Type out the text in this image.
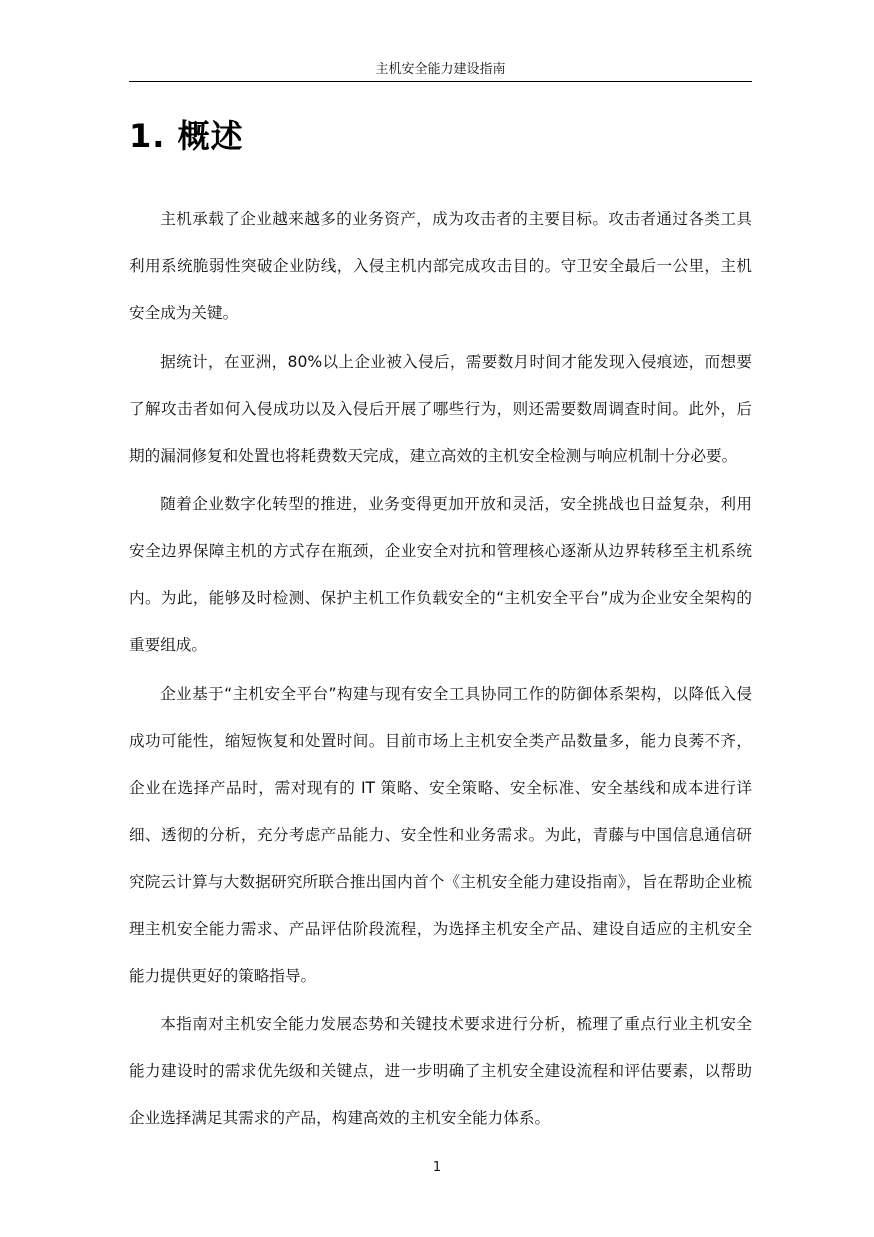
主机安全能力建设指南
1. 概述

主机承载了企业越来越多的业务资产，成为攻击者的主要目标。攻击者通过各类工具利用系统脆弱性突破企业防线，入侵主机内部完成攻击目的。守卫安全最后一公里，主机安全成为关键。

据统计，在亚洲，80%以上企业被入侵后，需要数月时间才能发现入侵痕迹，而想要了解攻击者如何入侵成功以及入侵后开展了哪些行为，则还需要数周调查时间。此外，后期的漏洞修复和处置也将耗费数天完成，建立高效的主机安全检测与响应机制十分必要。

随着企业数字化转型的推进，业务变得更加开放和灵活，安全挑战也日益复杂，利用安全边界保障主机的方式存在瓶颈，企业安全对抗和管理核心逐渐从边界转移至主机系统内。为此，能够及时检测、保护主机工作负载安全的“主机安全平台”成为企业安全架构的重要组成。

企业基于“主机安全平台”构建与现有安全工具协同工作的防御体系架构，以降低入侵成功可能性，缩短恢复和处置时间。目前市场上主机安全类产品数量多，能力良莠不齐，企业在选择产品时，需对现有的 IT 策略、安全策略、安全标准、安全基线和成本进行详细、透彻的分析，充分考虑产品能力、安全性和业务需求。为此，青藤与中国信息通信研究院云计算与大数据研究所联合推出国内首个《主机安全能力建设指南》，旨在帮助企业梳理主机安全能力需求、产品评估阶段流程，为选择主机安全产品、建设自适应的主机安全能力提供更好的策略指导。

本指南对主机安全能力发展态势和关键技术要求进行分析，梳理了重点行业主机安全能力建设时的需求优先级和关键点，进一步明确了主机安全建设流程和评估要素，以帮助企业选择满足其需求的产品，构建高效的主机安全能力体系。

1
